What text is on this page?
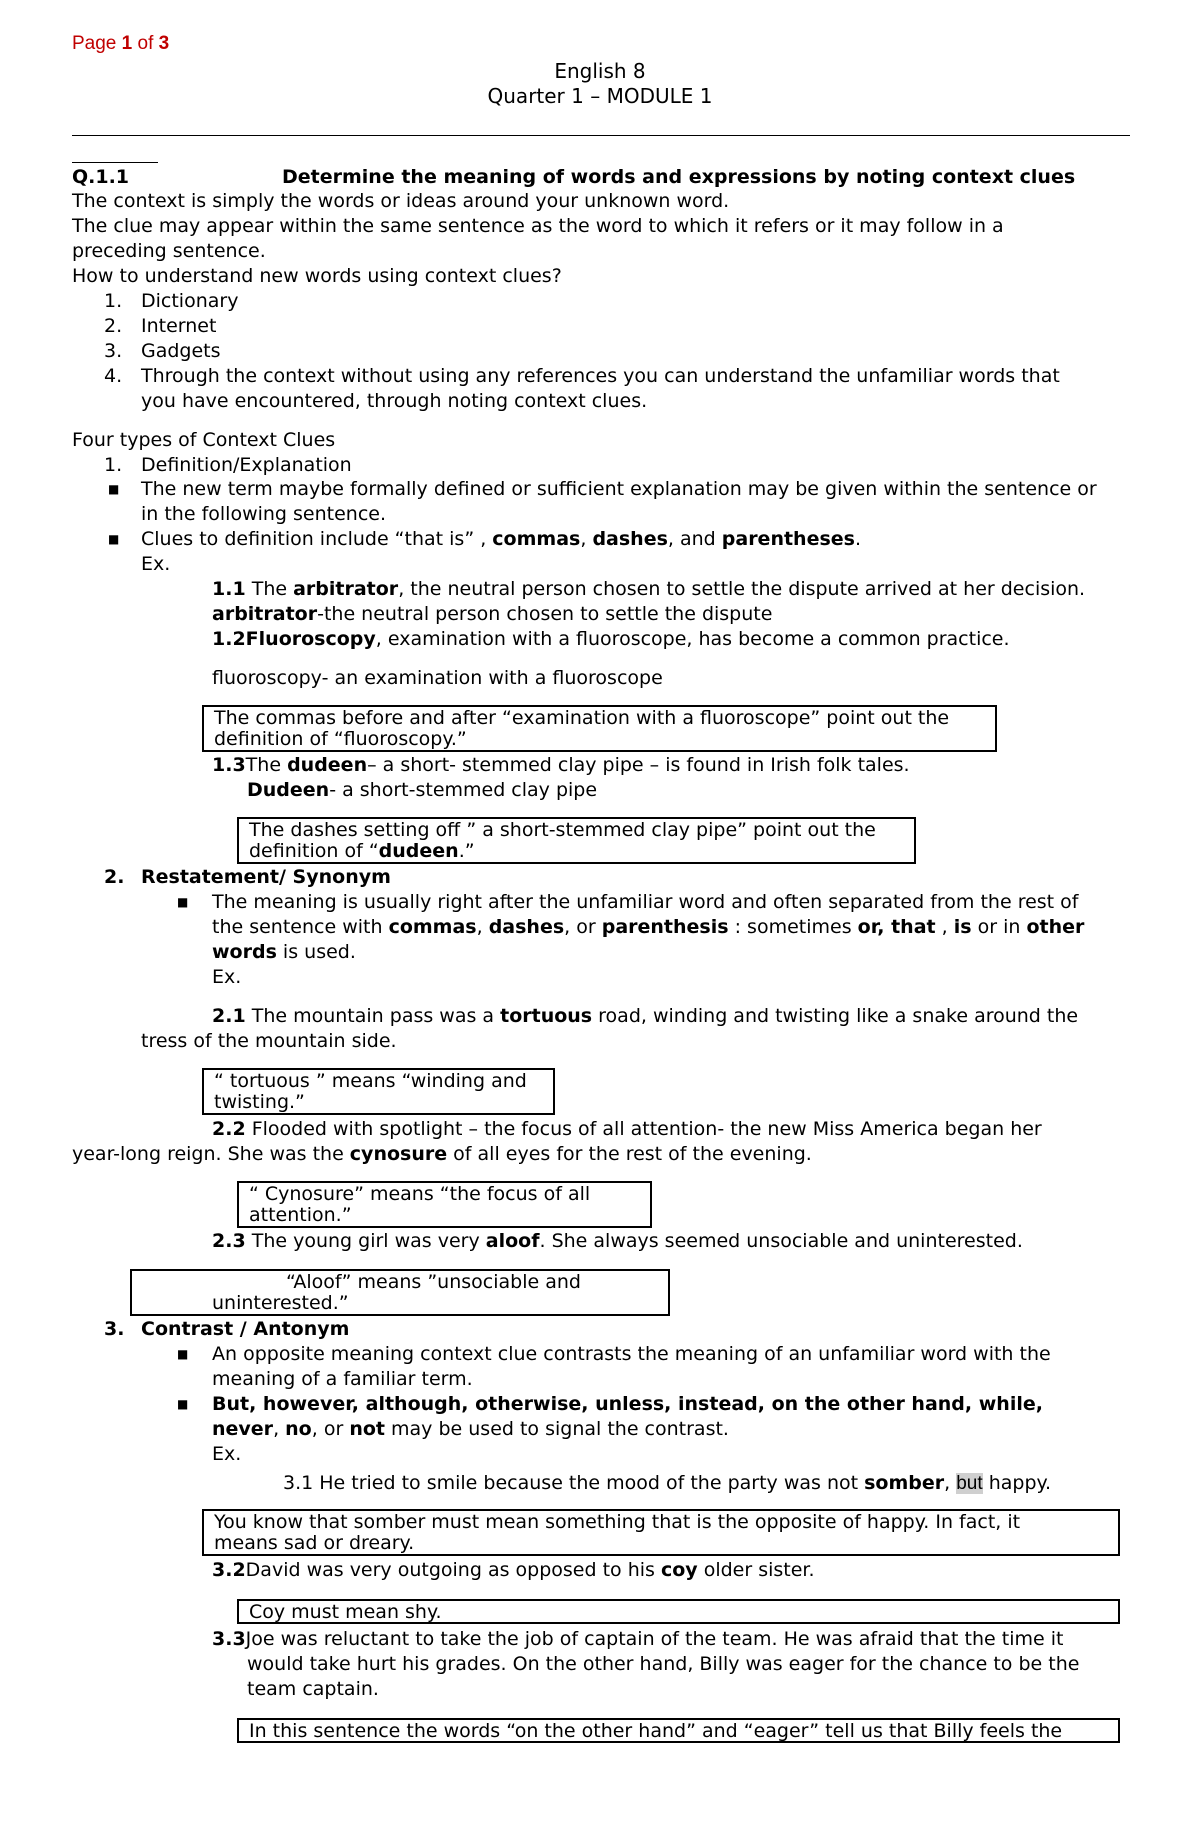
Page 1 of 3
English 8
Quarter 1 – MODULE 1
Q.1.1	Determine the meaning of words and expressions by noting context clues
The context is simply the words or ideas around your unknown word.
The clue may appear within the same sentence as the word to which it refers or it may follow in a
preceding sentence.
How to understand new words using context clues?
1. Dictionary
2. Internet
3. Gadgets
4. Through the context without using any references you can understand the unfamiliar words that
you have encountered, through noting context clues.
Four types of Context Clues
1. Definition/Explanation
■ The new term maybe formally defined or sufficient explanation may be given within the sentence or
in the following sentence.
■ Clues to definition include “that is” , commas, dashes, and parentheses.
Ex.
1.1 The arbitrator, the neutral person chosen to settle the dispute arrived at her decision.
arbitrator-the neutral person chosen to settle the dispute
1.2Fluoroscopy, examination with a fluoroscope, has become a common practice.
fluoroscopy- an examination with a fluoroscope
The commas before and after “examination with a fluoroscope” point out the
definition of “fluoroscopy.”
1.3The dudeen– a short- stemmed clay pipe – is found in Irish folk tales.
Dudeen- a short-stemmed clay pipe
The dashes setting off ” a short-stemmed clay pipe” point out the
definition of “dudeen.”
2. Restatement/ Synonym
■ The meaning is usually right after the unfamiliar word and often separated from the rest of
the sentence with commas, dashes, or parenthesis : sometimes or, that , is or in other
words is used.
Ex.
2.1 The mountain pass was a tortuous road, winding and twisting like a snake around the
tress of the mountain side.
“ tortuous ” means “winding and
twisting.”
2.2 Flooded with spotlight – the focus of all attention- the new Miss America began her
year-long reign. She was the cynosure of all eyes for the rest of the evening.
“ Cynosure” means “the focus of all
attention.”
2.3 The young girl was very aloof. She always seemed unsociable and uninterested.
“Aloof” means ”unsociable and
uninterested.”
3. Contrast / Antonym
■ An opposite meaning context clue contrasts the meaning of an unfamiliar word with the
meaning of a familiar term.
■ But, however, although, otherwise, unless, instead, on the other hand, while,
never, no, or not may be used to signal the contrast.
Ex.
3.1 He tried to smile because the mood of the party was not somber, but happy.
You know that somber must mean something that is the opposite of happy. In fact, it
means sad or dreary.
3.2David was very outgoing as opposed to his coy older sister.
Coy must mean shy.
3.3Joe was reluctant to take the job of captain of the team. He was afraid that the time it
would take hurt his grades. On the other hand, Billy was eager for the chance to be the
team captain.
In this sentence the words “on the other hand” and “eager” tell us that Billy feels the
